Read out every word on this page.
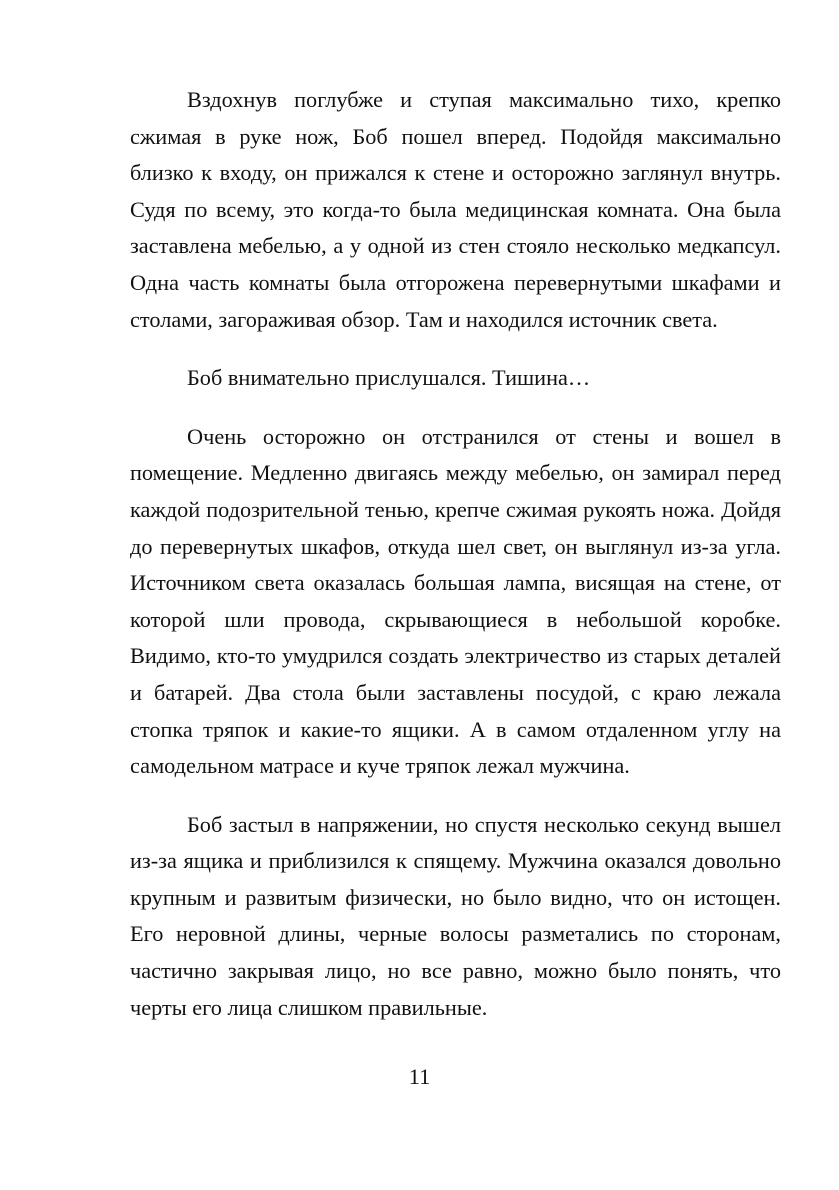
Вздохнув поглубже и ступая максимально тихо, крепко сжимая в руке нож, Боб пошел вперед. Подойдя максимально близко к входу, он прижался к стене и осторожно заглянул внутрь. Судя по всему, это когда-то была медицинская комната. Она была заставлена мебелью, а у одной из стен стояло несколько медкапсул. Одна часть комнаты была отгорожена перевернутыми шкафами и столами, загораживая обзор. Там и находился источник света.

Боб внимательно прислушался. Тишина…

Очень осторожно он отстранился от стены и вошел в помещение. Медленно двигаясь между мебелью, он замирал перед каждой подозрительной тенью, крепче сжимая рукоять ножа. Дойдя до перевернутых шкафов, откуда шел свет, он выглянул из-за угла. Источником света оказалась большая лампа, висящая на стене, от которой шли провода, скрывающиеся в небольшой коробке. Видимо, кто-то умудрился создать электричество из старых деталей и батарей. Два стола были заставлены посудой, с краю лежала стопка тряпок и какие-то ящики. А в самом отдаленном углу на самодельном матрасе и куче тряпок лежал мужчина.

Боб застыл в напряжении, но спустя несколько секунд вышел из-за ящика и приблизился к спящему. Мужчина оказался довольно крупным и развитым физически, но было видно, что он истощен. Его неровной длины, черные волосы разметались по сторонам, частично закрывая лицо, но все равно, можно было понять, что черты его лица слишком правильные.

11
